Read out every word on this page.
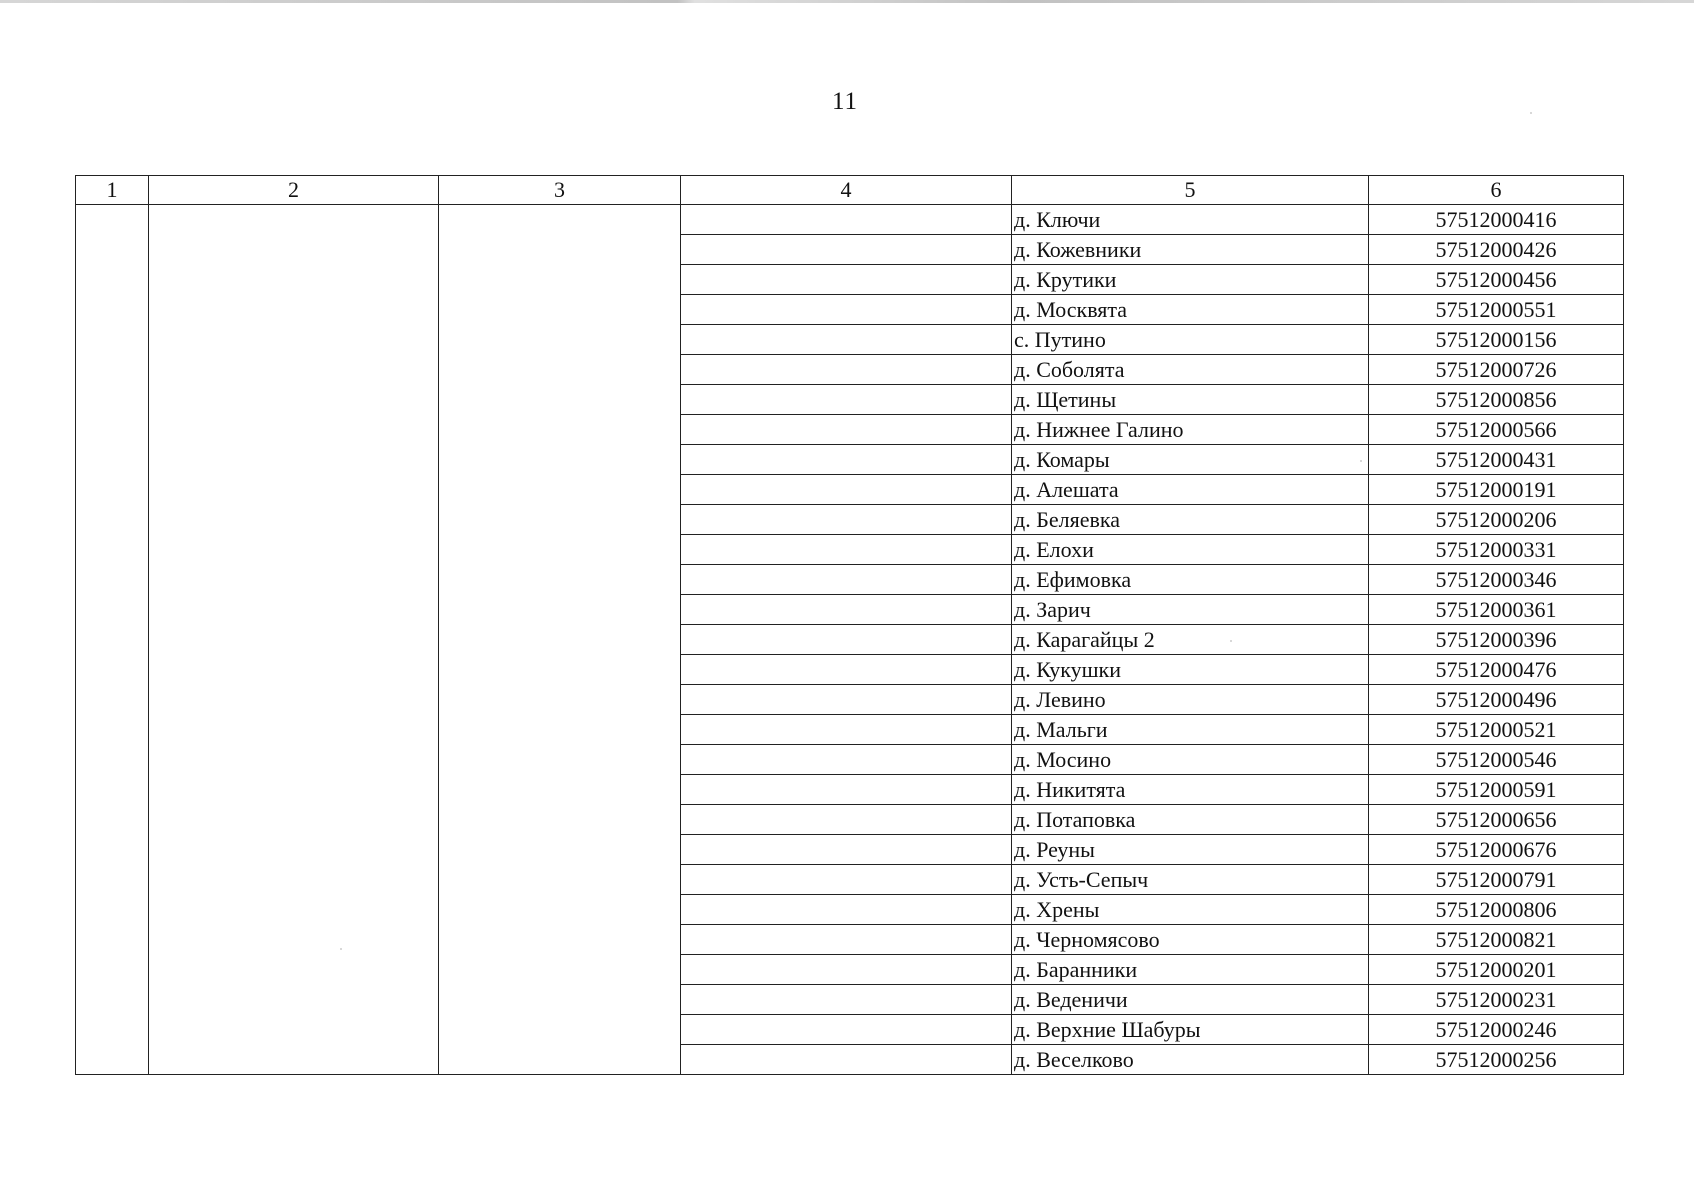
11
1	2	3	4	5	6
				д. Ключи	57512000416
				д. Кожевники	57512000426
				д. Крутики	57512000456
				д. Москвята	57512000551
				с. Путино	57512000156
				д. Соболята	57512000726
				д. Щетины	57512000856
				д. Нижнее Галино	57512000566
				д. Комары	57512000431
				д. Алешата	57512000191
				д. Беляевка	57512000206
				д. Елохи	57512000331
				д. Ефимовка	57512000346
				д. Зарич	57512000361
				д. Карагайцы 2	57512000396
				д. Кукушки	57512000476
				д. Левино	57512000496
				д. Мальги	57512000521
				д. Мосино	57512000546
				д. Никитята	57512000591
				д. Потаповка	57512000656
				д. Реуны	57512000676
				д. Усть-Сепыч	57512000791
				д. Хрены	57512000806
				д. Черномясово	57512000821
				д. Баранники	57512000201
				д. Веденичи	57512000231
				д. Верхние Шабуры	57512000246
				д. Веселково	57512000256
